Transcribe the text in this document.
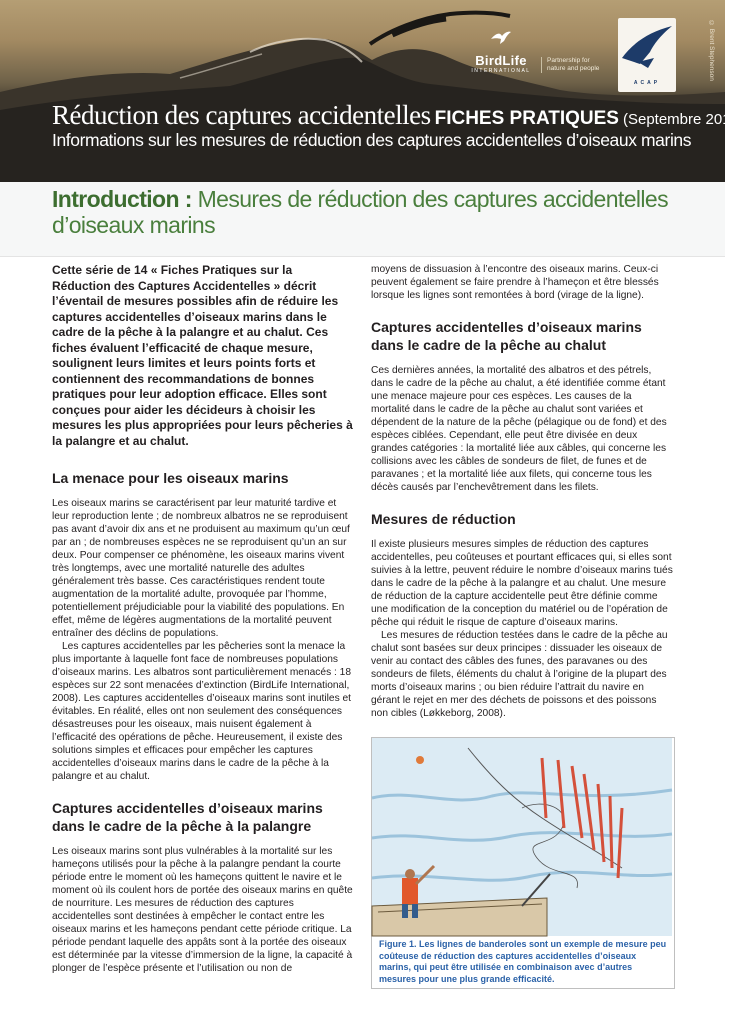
© Brent Stephenson
BirdLife
INTERNATIONAL
Partnership for
nature and people
ACAP
Réduction des captures accidentelles FICHES PRATIQUES (Septembre 2014)
Informations sur les mesures de réduction des captures accidentelles d’oiseaux marins
Introduction : Mesures de réduction des captures accidentelles d’oiseaux marins

Cette série de 14 « Fiches Pratiques sur la Réduction des Captures Accidentelles » décrit l’éventail de mesures possibles afin de réduire les captures accidentelles d’oiseaux marins dans le cadre de la pêche à la palangre et au chalut. Ces fiches évaluent l’efficacité de chaque mesure, soulignent leurs limites et leurs points forts et contiennent des recommandations de bonnes pratiques pour leur adoption efficace. Elles sont conçues pour aider les décideurs à choisir les mesures les plus appropriées pour leurs pêcheries à la palangre et au chalut.

La menace pour les oiseaux marins

Les oiseaux marins se caractérisent par leur maturité tardive et leur reproduction lente ; de nombreux albatros ne se reproduisent pas avant d’avoir dix ans et ne produisent au maximum qu’un œuf par an ; de nombreuses espèces ne se reproduisent qu’un an sur deux. Pour compenser ce phénomène, les oiseaux marins vivent très longtemps, avec une mortalité naturelle des adultes généralement très basse. Ces caractéristiques rendent toute augmentation de la mortalité adulte, provoquée par l’homme, potentiellement préjudiciable pour la viabilité des populations. En effet, même de légères augmentations de la mortalité peuvent entraîner des déclins de populations.

Les captures accidentelles par les pêcheries sont la menace la plus importante à laquelle font face de nombreuses populations d’oiseaux marins. Les albatros sont particulièrement menacés : 18 espèces sur 22 sont menacées d’extinction (BirdLife International, 2008). Les captures accidentelles d’oiseaux marins sont inutiles et évitables. En réalité, elles ont non seulement des conséquences désastreuses pour les oiseaux, mais nuisent également à l’efficacité des opérations de pêche. Heureusement, il existe des solutions simples et efficaces pour empêcher les captures accidentelles d’oiseaux marins dans le cadre de la pêche à la palangre et au chalut.

Captures accidentelles d’oiseaux marins dans le cadre de la pêche à la palangre

Les oiseaux marins sont plus vulnérables à la mortalité sur les hameçons utilisés pour la pêche à la palangre pendant la courte période entre le moment où les hameçons quittent le navire et le moment où ils coulent hors de portée des oiseaux marins en quête de nourriture. Les mesures de réduction des captures accidentelles sont destinées à empêcher le contact entre les oiseaux marins et les hameçons pendant cette période critique. La période pendant laquelle des appâts sont à la portée des oiseaux est déterminée par la vitesse d’immersion de la ligne, la capacité à plonger de l’espèce présente et l’utilisation ou non de

moyens de dissuasion à l’encontre des oiseaux marins. Ceux-ci peuvent également se faire prendre à l’hameçon et être blessés lorsque les lignes sont remontées à bord (virage de la ligne).

Captures accidentelles d’oiseaux marins dans le cadre de la pêche au chalut

Ces dernières années, la mortalité des albatros et des pétrels, dans le cadre de la pêche au chalut, a été identifiée comme étant une menace majeure pour ces espèces. Les causes de la mortalité dans le cadre de la pêche au chalut sont variées et dépendent de la nature de la pêche (pélagique ou de fond) et des espèces ciblées. Cependant, elle peut être divisée en deux grandes catégories : la mortalité liée aux câbles, qui concerne les collisions avec les câbles de sondeurs de filet, de funes et de paravanes ; et la mortalité liée aux filets, qui concerne tous les décès causés par l’enchevêtrement dans les filets.

Mesures de réduction

Il existe plusieurs mesures simples de réduction des captures accidentelles, peu coûteuses et pourtant efficaces qui, si elles sont suivies à la lettre, peuvent réduire le nombre d’oiseaux marins tués dans le cadre de la pêche à la palangre et au chalut. Une mesure de réduction de la capture accidentelle peut être définie comme une modification de la conception du matériel ou de l’opération de pêche qui réduit le risque de capture d’oiseaux marins.

Les mesures de réduction testées dans le cadre de la pêche au chalut sont basées sur deux principes : dissuader les oiseaux de venir au contact des câbles des funes, des paravanes ou des sondeurs de filets, éléments du chalut à l’origine de la plupart des morts d’oiseaux marins ; ou bien réduire l’attrait du navire en gérant le rejet en mer des déchets de poissons et des poissons non cibles (Løkkeborg, 2008).

Figure 1. Les lignes de banderoles sont un exemple de mesure peu coûteuse de réduction des captures accidentelles d’oiseaux marins, qui peut être utilisée en combinaison avec d’autres mesures pour une plus grande efficacité.
